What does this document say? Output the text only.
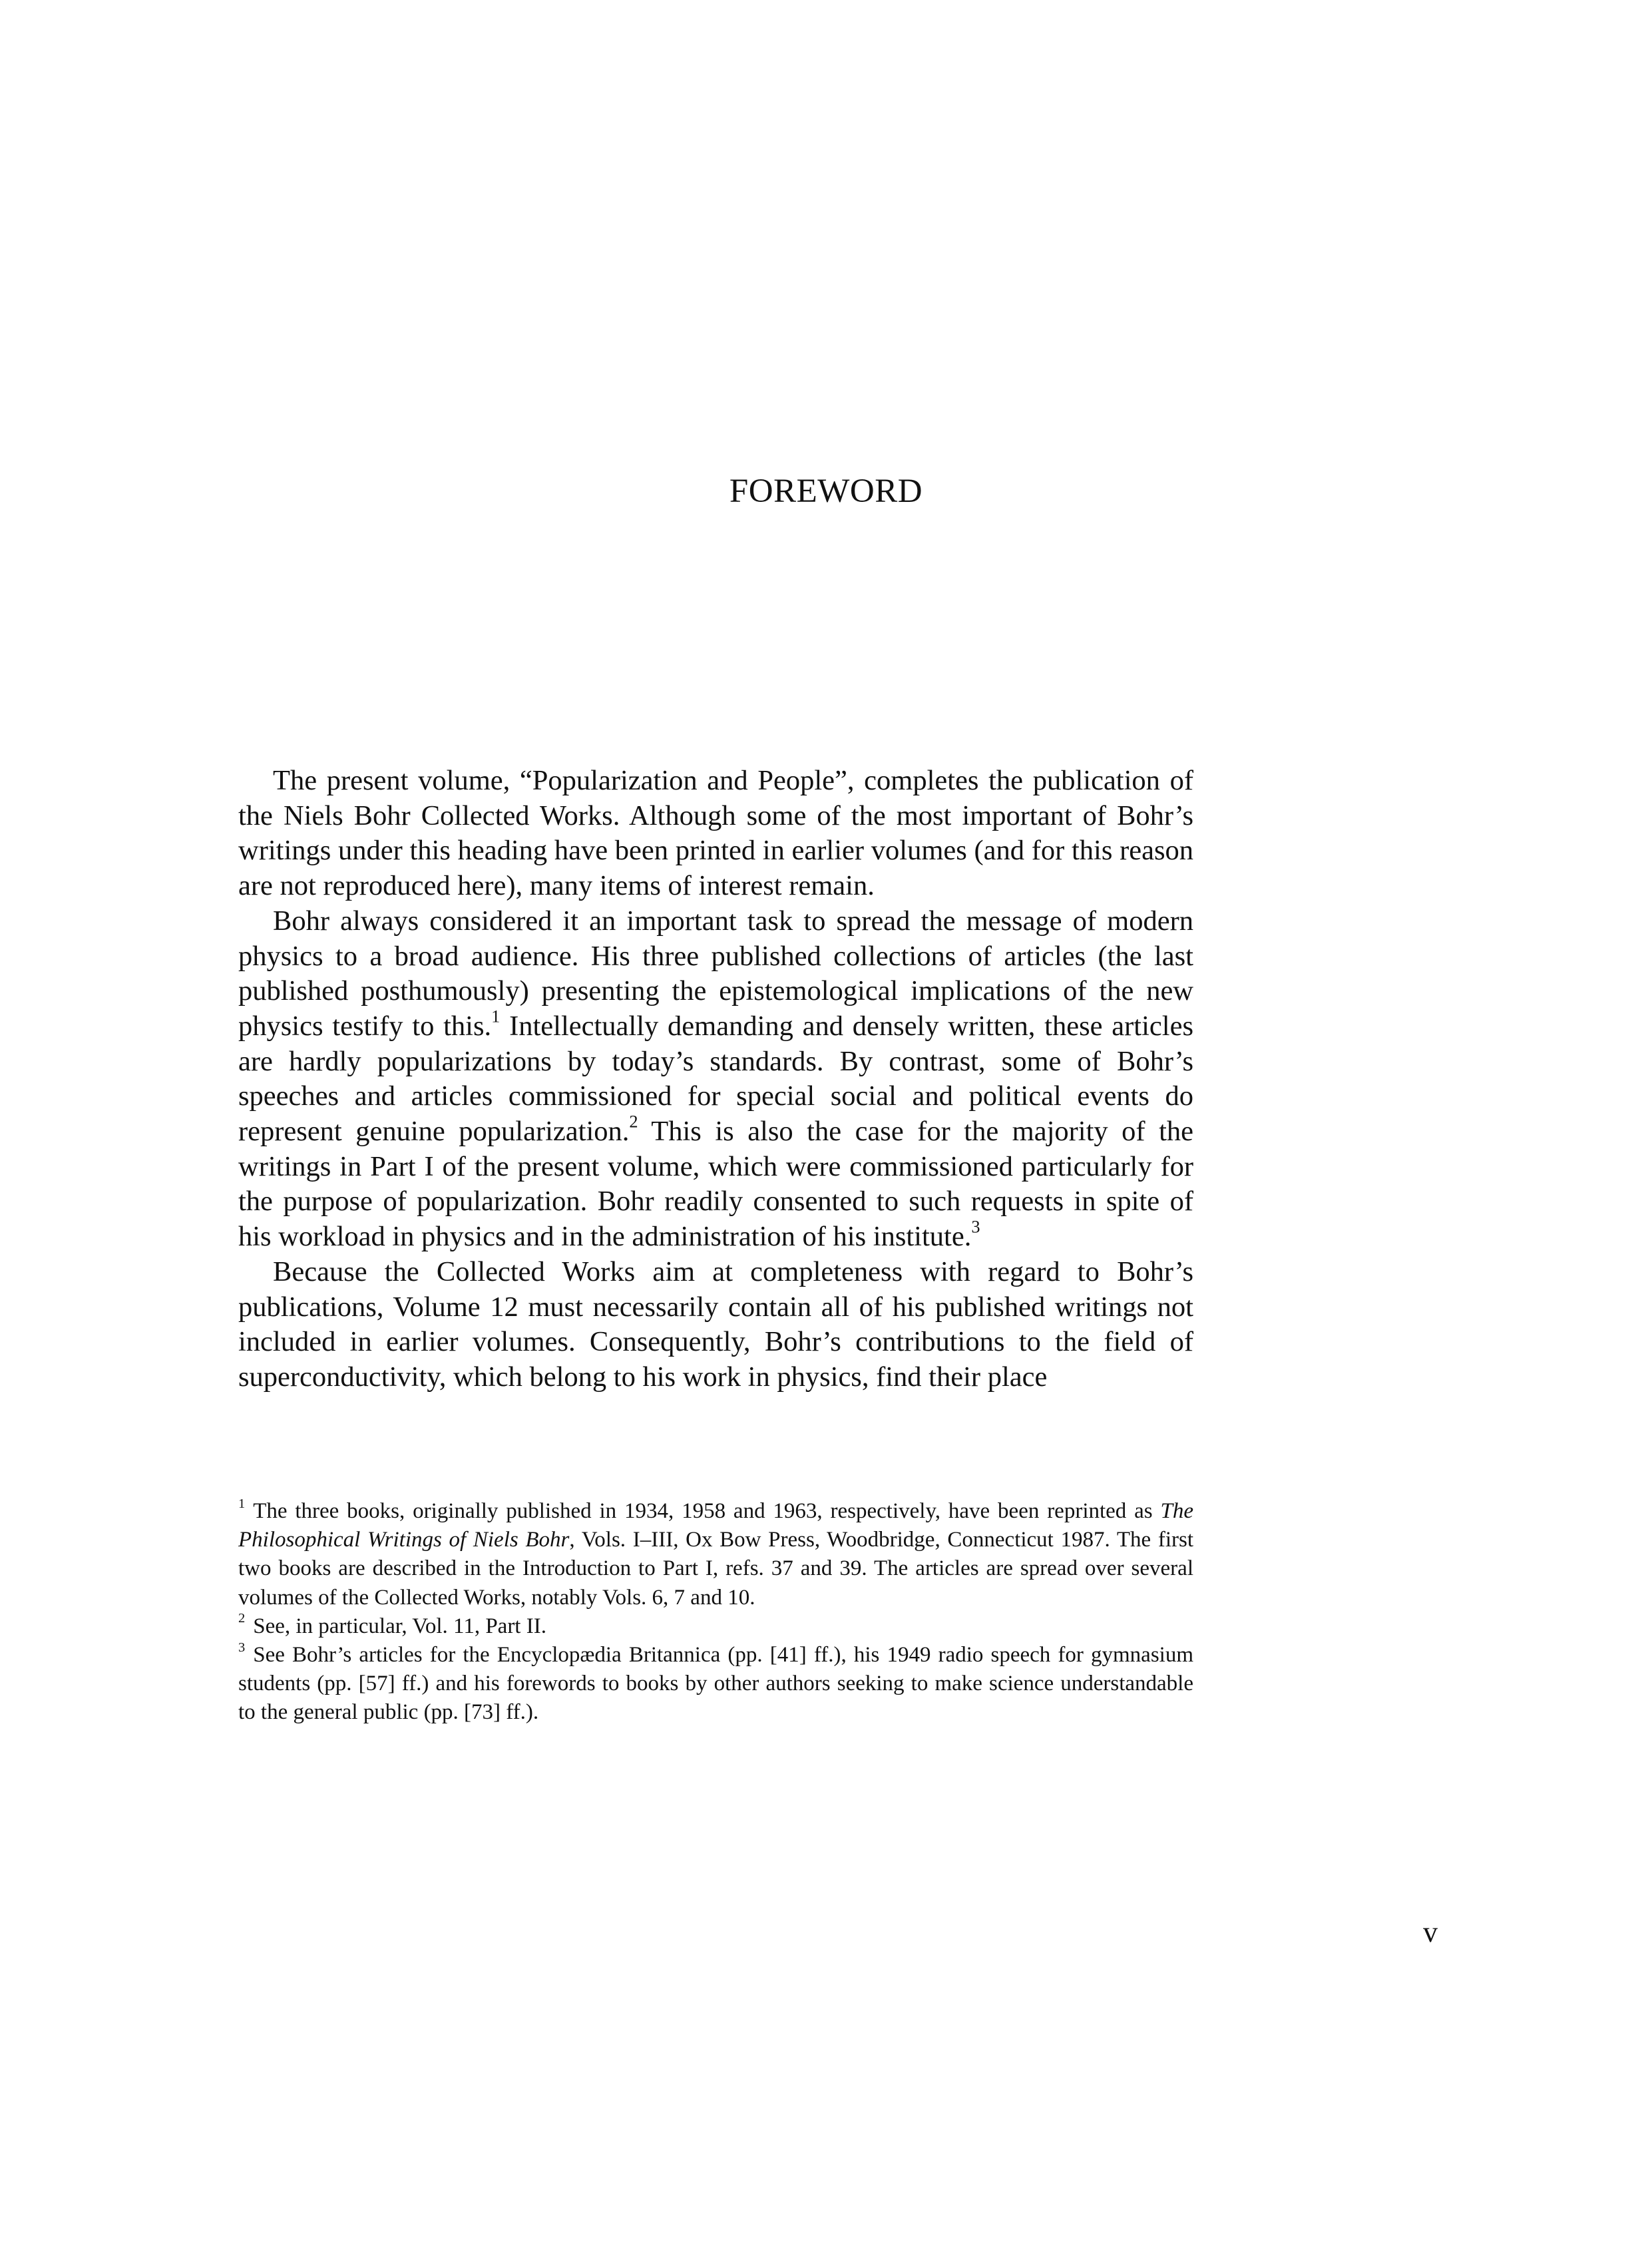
FOREWORD

The present volume, “Popularization and People”, completes the publication of the Niels Bohr Collected Works. Although some of the most important of Bohr’s writings under this heading have been printed in earlier volumes (and for this reason are not reproduced here), many items of interest remain.

Bohr always considered it an important task to spread the message of modern physics to a broad audience. His three published collections of articles (the last published posthumously) presenting the epistemological implications of the new physics testify to this.$^1$ Intellectually demanding and densely written, these articles are hardly popularizations by today’s standards. By contrast, some of Bohr’s speeches and articles commissioned for special social and political events do represent genuine popularization.$^2$ This is also the case for the majority of the writings in Part I of the present volume, which were commissioned particularly for the purpose of popularization. Bohr readily consented to such requests in spite of his workload in physics and in the administration of his institute.$^3$

Because the Collected Works aim at completeness with regard to Bohr’s publications, Volume 12 must necessarily contain all of his published writings not included in earlier volumes. Consequently, Bohr’s contributions to the field of superconductivity, which belong to his work in physics, find their place

$^1$ The three books, originally published in 1934, 1958 and 1963, respectively, have been reprinted as The Philosophical Writings of Niels Bohr, Vols. I–III, Ox Bow Press, Woodbridge, Connecticut 1987. The first two books are described in the Introduction to Part I, refs. 37 and 39. The articles are spread over several volumes of the Collected Works, notably Vols. 6, 7 and 10.

$^2$ See, in particular, Vol. 11, Part II.

$^3$ See Bohr’s articles for the Encyclopædia Britannica (pp. [41] ff.), his 1949 radio speech for gymnasium students (pp. [57] ff.) and his forewords to books by other authors seeking to make science understandable to the general public (pp. [73] ff.).

v
